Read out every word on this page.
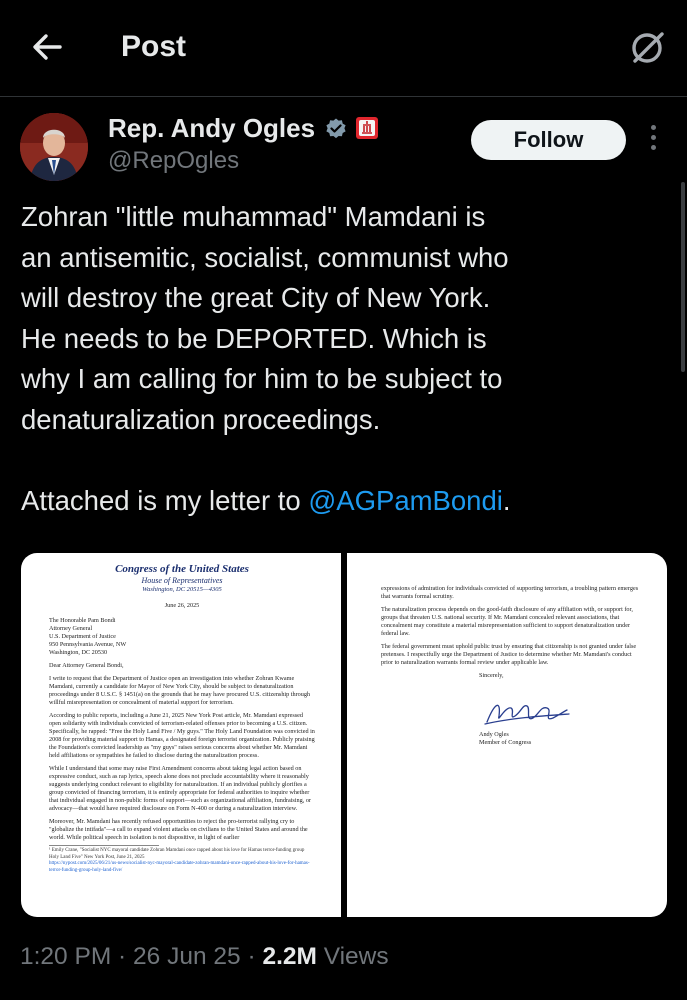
Post
Rep. Andy Ogles
@RepOgles
Follow

Zohran "little muhammad" Mamdani is

an antisemitic, socialist, communist who

will destroy the great City of New York.

He needs to be DEPORTED. Which is

why I am calling for him to be subject to

denaturalization proceedings.

Attached is my letter to @AGPamBondi.

Congress of the United States
House of Representatives
Washington, DC 20515—4305
June 26, 2025
The Honorable Pam Bondi
Attorney General
U.S. Department of Justice
950 Pennsylvania Avenue, NW
Washington, DC 20530
Dear Attorney General Bondi,
I write to request that the Department of Justice open an investigation into whether Zohran Kwame Mamdani, currently a candidate for Mayor of New York City, should be subject to denaturalization proceedings under 8 U.S.C. § 1451(a) on the grounds that he may have procured U.S. citizenship through willful misrepresentation or concealment of material support for terrorism.
According to public reports, including a June 21, 2025 New York Post article, Mr. Mamdani expressed open solidarity with individuals convicted of terrorism-related offenses prior to becoming a U.S. citizen. Specifically, he rapped: "Free the Holy Land Five / My guys." The Holy Land Foundation was convicted in 2008 for providing material support to Hamas, a designated foreign terrorist organization. Publicly praising the Foundation's convicted leadership as "my guys" raises serious concerns about whether Mr. Mamdani held affiliations or sympathies he failed to disclose during the naturalization process.
While I understand that some may raise First Amendment concerns about taking legal action based on expressive conduct, such as rap lyrics, speech alone does not preclude accountability where it reasonably suggests underlying conduct relevant to eligibility for naturalization. If an individual publicly glorifies a group convicted of financing terrorism, it is entirely appropriate for federal authorities to inquire whether that individual engaged in non-public forms of support—such as organizational affiliation, fundraising, or advocacy—that would have required disclosure on Form N-400 or during a naturalization interview.
Moreover, Mr. Mamdani has recently refused opportunities to reject the pro-terrorist rallying cry to "globalize the intifada"—a call to expand violent attacks on civilians to the United States and around the world. While political speech in isolation is not dispositive, in light of earlier
¹ Emily Crane, "Socialist NYC mayoral candidate Zohran Mamdani once rapped about his love for Hamas terror-funding group Holy Land Five" New York Post, June 21, 2025
https://nypost.com/2025/06/21/us-news/socialist-nyc-mayoral-candidate-zohran-mamdani-once-rapped-about-his-love-for-hamas-terror-funding-group-holy-land-five/
expressions of admiration for individuals convicted of supporting terrorism, a troubling pattern emerges that warrants formal scrutiny.
The naturalization process depends on the good-faith disclosure of any affiliation with, or support for, groups that threaten U.S. national security. If Mr. Mamdani concealed relevant associations, that concealment may constitute a material misrepresentation sufficient to support denaturalization under federal law.
The federal government must uphold public trust by ensuring that citizenship is not granted under false pretenses. I respectfully urge the Department of Justice to determine whether Mr. Mamdani's conduct prior to naturalization warrants formal review under applicable law.
Sincerely,
Andy Ogles
Member of Congress
1:20 PM · 26 Jun 25 · 2.2M Views
